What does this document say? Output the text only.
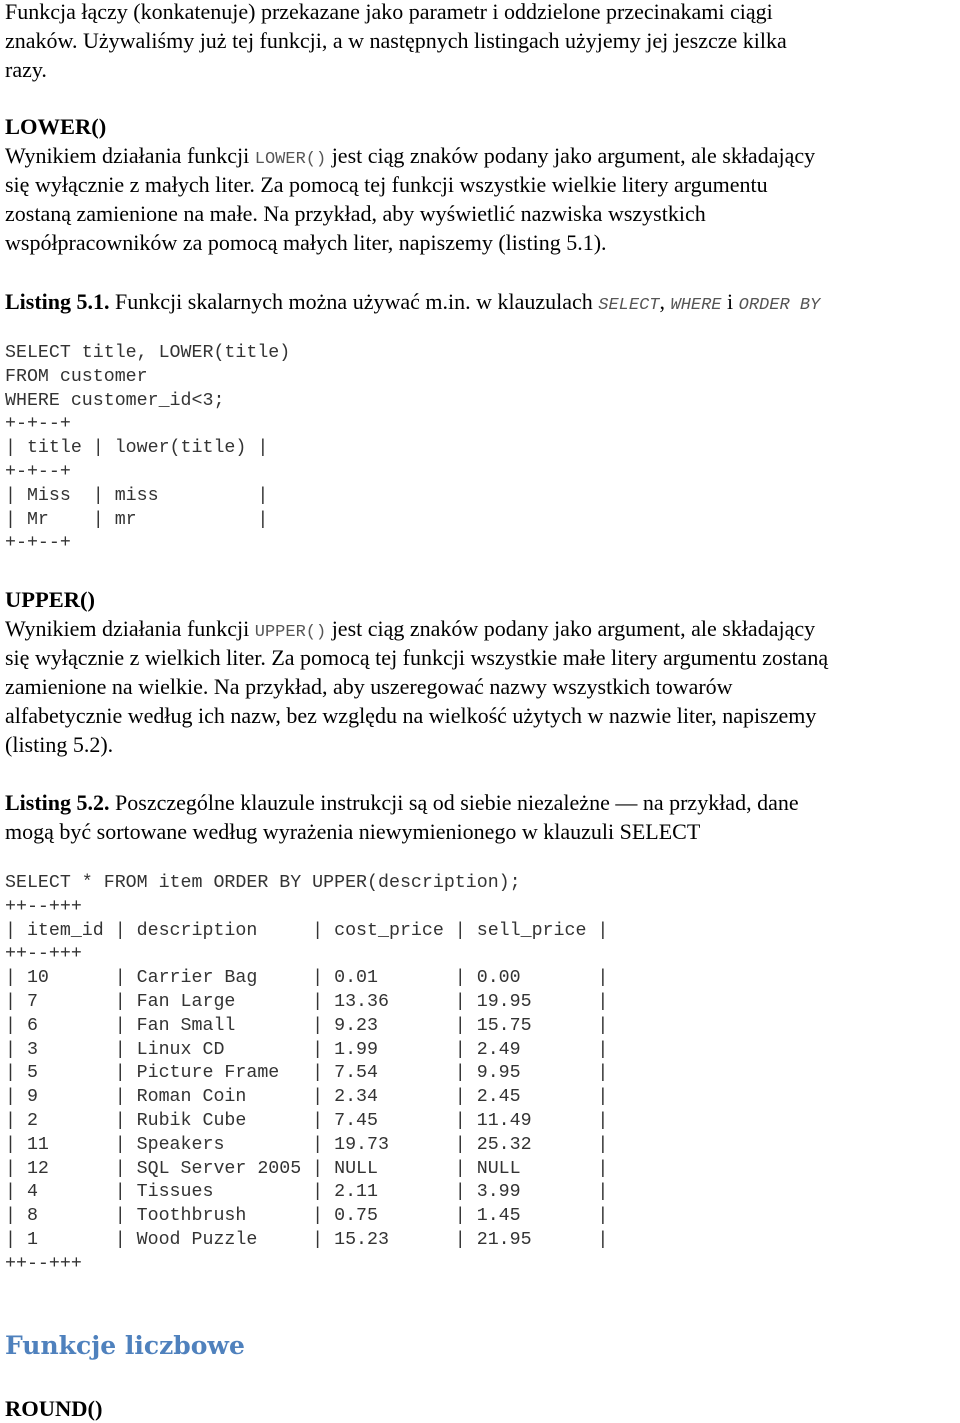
Funkcja łączy (konkatenuje) przekazane jako parametr i oddzielone przecinakami ciągi
znaków. Używaliśmy już tej funkcji, a w następnych listingach użyjemy jej jeszcze kilka
razy.
LOWER()
Wynikiem działania funkcji LOWER() jest ciąg znaków podany jako argument, ale składający
się wyłącznie z małych liter. Za pomocą tej funkcji wszystkie wielkie litery argumentu
zostaną zamienione na małe. Na przykład, aby wyświetlić nazwiska wszystkich
współpracowników za pomocą małych liter, napiszemy (listing 5.1).
Listing 5.1. Funkcji skalarnych można używać m.in. w klauzulach SELECT, WHERE i ORDER BY
SELECT title, LOWER(title)
FROM customer
WHERE customer_id<3;
+-+--+
| title | lower(title) |
+-+--+
| Miss  | miss         |
| Mr    | mr           |
+-+--+
UPPER()
Wynikiem działania funkcji UPPER() jest ciąg znaków podany jako argument, ale składający
się wyłącznie z wielkich liter. Za pomocą tej funkcji wszystkie małe litery argumentu zostaną
zamienione na wielkie. Na przykład, aby uszeregować nazwy wszystkich towarów
alfabetycznie według ich nazw, bez względu na wielkość użytych w nazwie liter, napiszemy
(listing 5.2).
Listing 5.2. Poszczególne klauzule instrukcji są od siebie niezależne — na przykład, dane
mogą być sortowane według wyrażenia niewymienionego w klauzuli SELECT
SELECT * FROM item ORDER BY UPPER(description);
++--+++
| item_id | description     | cost_price | sell_price |
++--+++
| 10      | Carrier Bag     | 0.01       | 0.00       |
| 7       | Fan Large       | 13.36      | 19.95      |
| 6       | Fan Small       | 9.23       | 15.75      |
| 3       | Linux CD        | 1.99       | 2.49       |
| 5       | Picture Frame   | 7.54       | 9.95       |
| 9       | Roman Coin      | 2.34       | 2.45       |
| 2       | Rubik Cube      | 7.45       | 11.49      |
| 11      | Speakers        | 19.73      | 25.32      |
| 12      | SQL Server 2005 | NULL       | NULL       |
| 4       | Tissues         | 2.11       | 3.99       |
| 8       | Toothbrush      | 0.75       | 1.45       |
| 1       | Wood Puzzle     | 15.23      | 21.95      |
++--+++
Funkcje liczbowe
ROUND()
